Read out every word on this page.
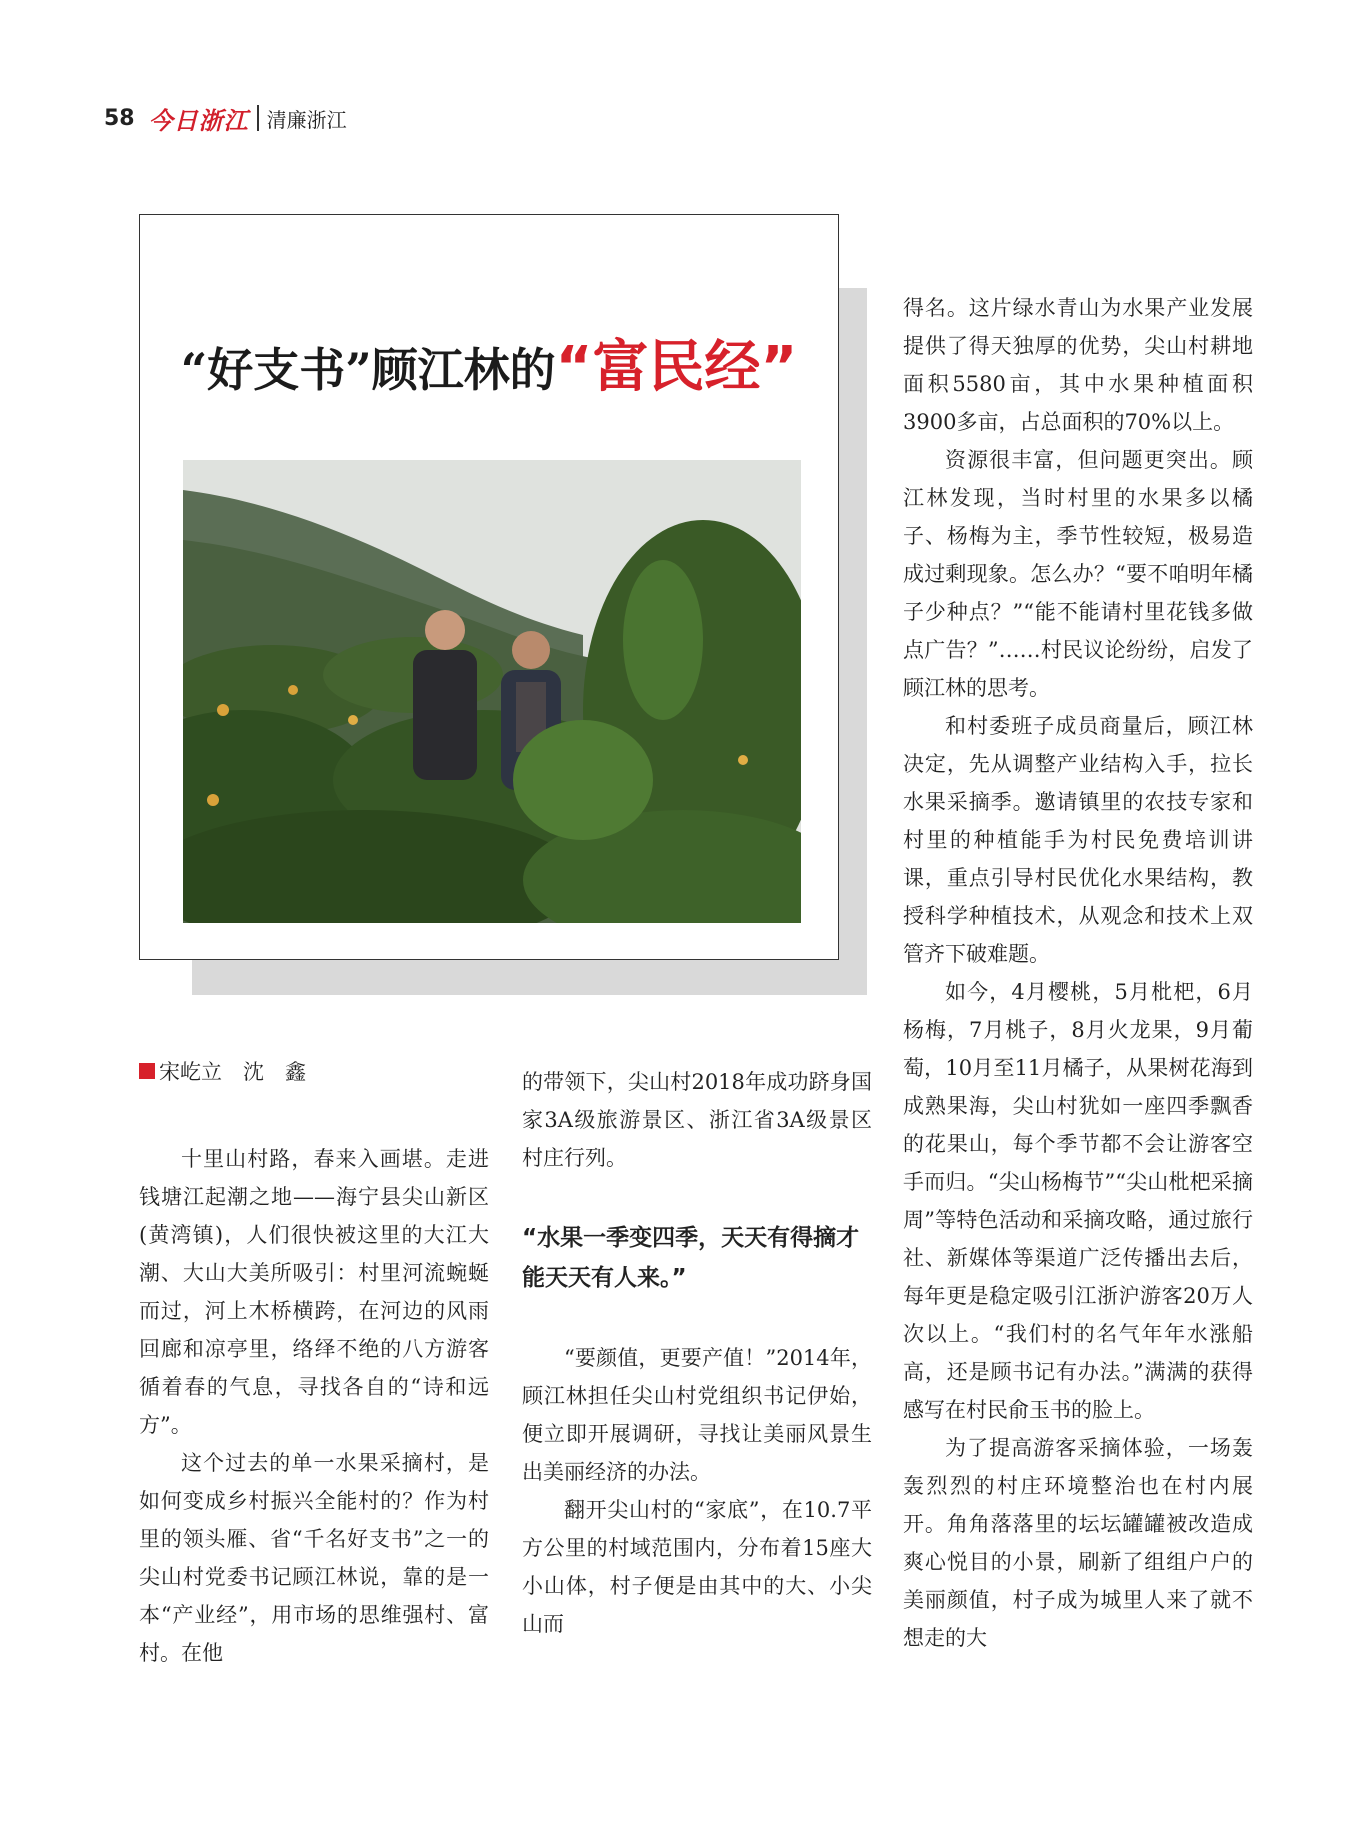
58 今日浙江 清廉浙江
“好支书”顾江林的“富民经”
宋屹立　沈　鑫

十里山村路，春来入画堪。走进钱塘江起潮之地——海宁县尖山新区(黄湾镇)，人们很快被这里的大江大潮、大山大美所吸引：村里河流蜿蜒而过，河上木桥横跨，在河边的风雨回廊和凉亭里，络绎不绝的八方游客循着春的气息，寻找各自的“诗和远方”。

这个过去的单一水果采摘村，是如何变成乡村振兴全能村的？作为村里的领头雁、省“千名好支书”之一的尖山村党委书记顾江林说，靠的是一本“产业经”，用市场的思维强村、富村。在他

的带领下，尖山村2018年成功跻身国家3A级旅游景区、浙江省3A级景区村庄行列。

“水果一季变四季，天天有得摘才能天天有人来。”

“要颜值，更要产值！”2014年，顾江林担任尖山村党组织书记伊始，便立即开展调研，寻找让美丽风景生出美丽经济的办法。

翻开尖山村的“家底”，在10.7平方公里的村域范围内，分布着15座大小山体，村子便是由其中的大、小尖山而

得名。这片绿水青山为水果产业发展提供了得天独厚的优势，尖山村耕地面积5580亩，其中水果种植面积3900多亩，占总面积的70%以上。

资源很丰富，但问题更突出。顾江林发现，当时村里的水果多以橘子、杨梅为主，季节性较短，极易造成过剩现象。怎么办？“要不咱明年橘子少种点？”“能不能请村里花钱多做点广告？”……村民议论纷纷，启发了顾江林的思考。

和村委班子成员商量后，顾江林决定，先从调整产业结构入手，拉长水果采摘季。邀请镇里的农技专家和村里的种植能手为村民免费培训讲课，重点引导村民优化水果结构，教授科学种植技术，从观念和技术上双管齐下破难题。

如今，4月樱桃，5月枇杷，6月杨梅，7月桃子，8月火龙果，9月葡萄，10月至11月橘子，从果树花海到成熟果海，尖山村犹如一座四季飘香的花果山，每个季节都不会让游客空手而归。“尖山杨梅节”“尖山枇杷采摘周”等特色活动和采摘攻略，通过旅行社、新媒体等渠道广泛传播出去后，每年更是稳定吸引江浙沪游客20万人次以上。“我们村的名气年年水涨船高，还是顾书记有办法。”满满的获得感写在村民俞玉书的脸上。

为了提高游客采摘体验，一场轰轰烈烈的村庄环境整治也在村内展开。角角落落里的坛坛罐罐被改造成爽心悦目的小景，刷新了组组户户的美丽颜值，村子成为城里人来了就不想走的大
